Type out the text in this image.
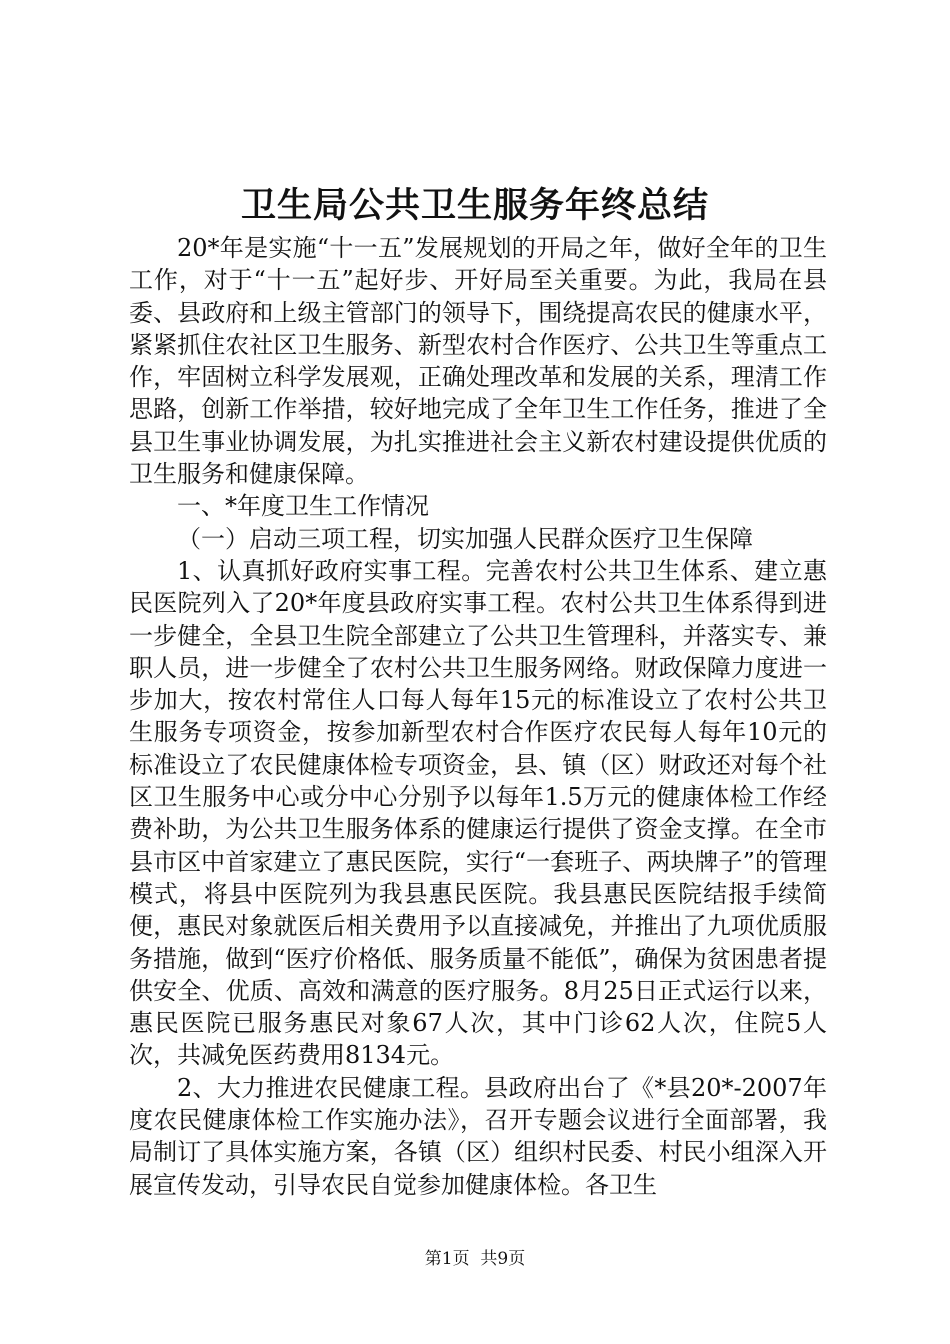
卫生局公共卫生服务年终总结

20*年是实施“十一五”发展规划的开局之年，做好全年的卫生工作，对于“十一五”起好步、开好局至关重要。为此，我局在县委、县政府和上级主管部门的领导下，围绕提高农民的健康水平，紧紧抓住农社区卫生服务、新型农村合作医疗、公共卫生等重点工作，牢固树立科学发展观，正确处理改革和发展的关系，理清工作思路，创新工作举措，较好地完成了全年卫生工作任务，推进了全县卫生事业协调发展，为扎实推进社会主义新农村建设提供优质的卫生服务和健康保障。

一、*年度卫生工作情况

（一）启动三项工程，切实加强人民群众医疗卫生保障

1、认真抓好政府实事工程。完善农村公共卫生体系、建立惠民医院列入了20*年度县政府实事工程。农村公共卫生体系得到进一步健全，全县卫生院全部建立了公共卫生管理科，并落实专、兼职人员，进一步健全了农村公共卫生服务网络。财政保障力度进一步加大，按农村常住人口每人每年15元的标准设立了农村公共卫生服务专项资金，按参加新型农村合作医疗农民每人每年10元的标准设立了农民健康体检专项资金，县、镇（区）财政还对每个社区卫生服务中心或分中心分别予以每年1.5万元的健康体检工作经费补助，为公共卫生服务体系的健康运行提供了资金支撑。在全市县市区中首家建立了惠民医院，实行“一套班子、两块牌子”的管理模式，将县中医院列为我县惠民医院。我县惠民医院结报手续简便，惠民对象就医后相关费用予以直接减免，并推出了九项优质服务措施，做到“医疗价格低、服务质量不能低”，确保为贫困患者提供安全、优质、高效和满意的医疗服务。8月25日正式运行以来，惠民医院已服务惠民对象67人次，其中门诊62人次，住院5人次，共减免医药费用8134元。

2、大力推进农民健康工程。县政府出台了《*县20*-2007年度农民健康体检工作实施办法》，召开专题会议进行全面部署，我局制订了具体实施方案，各镇（区）组织村民委、村民小组深入开展宣传发动，引导农民自觉参加健康体检。各卫生

第1页 共9页
